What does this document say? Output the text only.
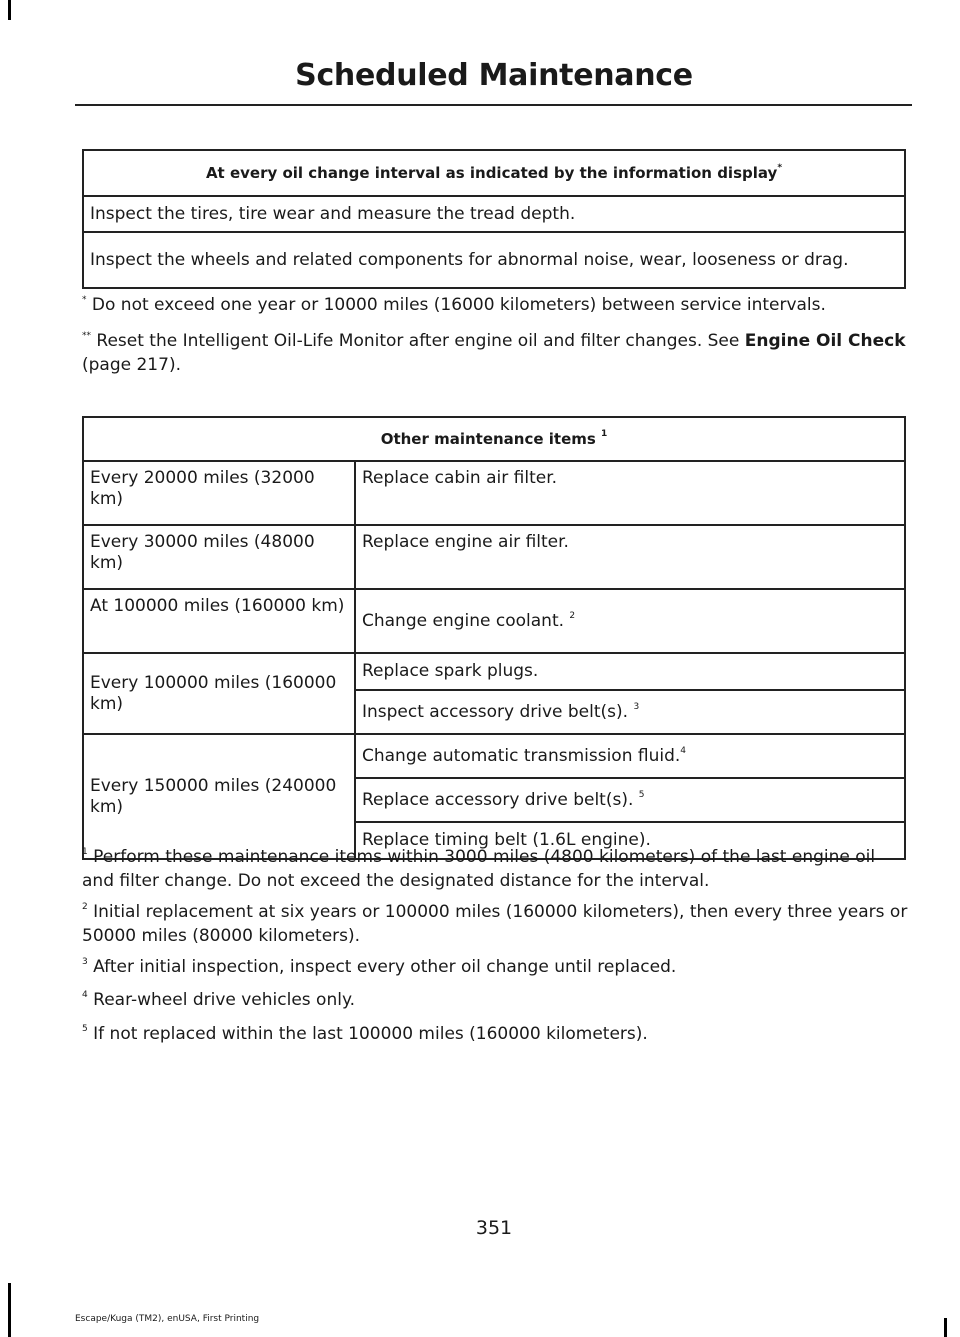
Scheduled Maintenance
At every oil change interval as indicated by the information display*
Inspect the tires, tire wear and measure the tread depth.
Inspect the wheels and related components for abnormal noise, wear, looseness or drag.
* Do not exceed one year or 10000 miles (16000 kilometers) between service intervals.
** Reset the Intelligent Oil-Life Monitor after engine oil and filter changes. See Engine Oil Check (page 217).
Other maintenance items $^1$
Every 20000 miles (32000 km)	Replace cabin air filter.
Every 30000 miles (48000 km)	Replace engine air filter.
At 100000 miles (160000 km)	Change engine coolant. $^2$
Every 100000 miles (160000 km)	Replace spark plugs.
	Inspect accessory drive belt(s). $^3$
Every 150000 miles (240000 km)	Change automatic transmission fluid.$^4$
	Replace accessory drive belt(s). $^5$
	Replace timing belt (1.6L engine).
$^1$ Perform these maintenance items within 3000 miles (4800 kilometers) of the last engine oil and filter change. Do not exceed the designated distance for the interval.
$^2$ Initial replacement at six years or 100000 miles (160000 kilometers), then every three years or 50000 miles (80000 kilometers).
$^3$ After initial inspection, inspect every other oil change until replaced.
$^4$ Rear-wheel drive vehicles only.
$^5$ If not replaced within the last 100000 miles (160000 kilometers).
351
Escape/Kuga (TM2), enUSA, First Printing
